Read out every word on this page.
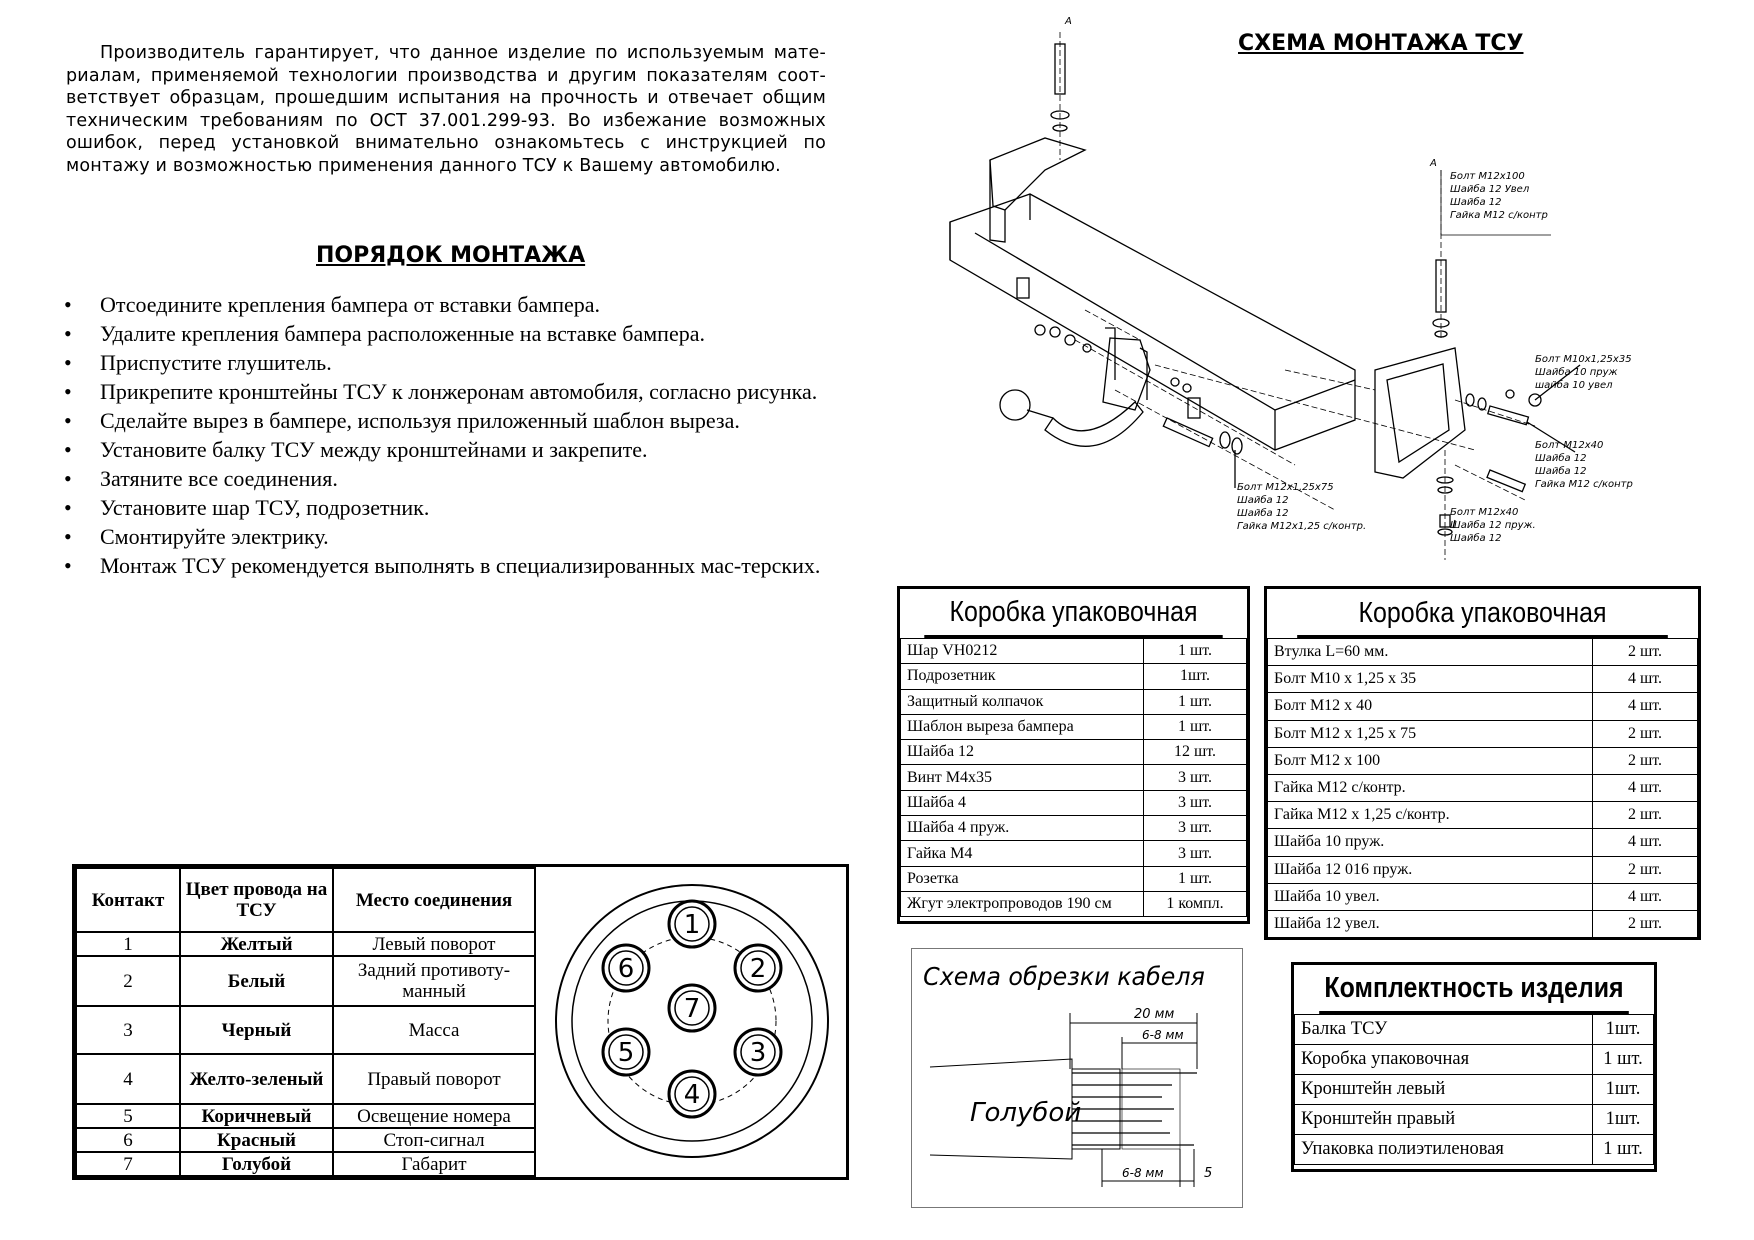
Производитель гарантирует, что данное изделие по используемым мате-риалам, применяемой технологии производства и другим показателям соот-ветствует образцам, прошедшим испытания на прочность и отвечает общим техническим требованиям по ОСТ 37.001.299-93. Во избежание возможных ошибок, перед установкой внимательно ознакомьтесь с инструкцией по монтажу и возможностью применения данного ТСУ к Вашему автомобилю.

ПОРЯДОК МОНТАЖА
• Отсоедините крепления бампера от вставки бампера.
• Удалите крепления бампера расположенные на вставке бампера.
• Приспустите глушитель.
• Прикрепите кронштейны ТСУ к лонжеронам автомобиля, согласно рисунка.
• Сделайте вырез в бампере, используя приложенный шаблон выреза.
• Установите балку ТСУ между кронштейнами и закрепите.
• Затяните все соединения.
• Установите шар ТСУ, подрозетник.
• Смонтируйте электрику.
• Монтаж ТСУ рекомендуется выполнять в специализированных мас-терских.
СХЕМА МОНТАЖА ТСУ
А
А
Болт М12х100
Шайба 12 Увел
Шайба 12
Гайка М12 с/контр
Болт М10х1,25х35
Шайба 10 пруж
шайба 10 увел
Болт М12х40
Шайба 12
Шайба 12
Гайка М12 с/контр
Болт М12х1,25х75
Шайба 12
Шайба 12
Гайка М12х1,25 с/контр.
Болт М12х40
Шайба 12 пруж.
Шайба 12
Контакт	Цвет провода на ТСУ	Место соединения
1	Желтый	Левый поворот
2	Белый	Задний противоту-манный
3	Черный	Масса
4	Желто-зеленый	Правый поворот
5	Коричневый	Освещение номера
6	Красный	Стоп-сигнал
7	Голубой	Габарит
1
2
3
4
5
6
7
Коробка упаковочная
Шар VH0212	1 шт.
Подрозетник	1шт.
Защитный колпачок	1 шт.
Шаблон выреза бампера	1 шт.
Шайба 12	12 шт.
Винт М4х35	3 шт.
Шайба 4	3 шт.
Шайба 4 пруж.	3 шт.
Гайка М4	3 шт.
Розетка	1 шт.
Жгут электропроводов 190 см	1 компл.
Коробка упаковочная
Втулка L=60 мм.	2 шт.
Болт М10 х 1,25 х 35	4 шт.
Болт М12 х 40	4 шт.
Болт М12 х 1,25 х 75	2 шт.
Болт М12 х 100	2 шт.
Гайка М12 с/контр.	4 шт.
Гайка М12 х 1,25 с/контр.	2 шт.
Шайба 10 пруж.	4 шт.
Шайба 12 016 пруж.	2 шт.
Шайба 10 увел.	4 шт.
Шайба 12 увел.	2 шт.
Схема обрезки кабеля
20 мм
6-8 мм
6-8 мм	5
Голубой
Комплектность изделия
Балка ТСУ	1шт.
Коробка упаковочная	1 шт.
Кронштейн левый	1шт.
Кронштейн правый	1шт.
Упаковка полиэтиленовая	1 шт.
